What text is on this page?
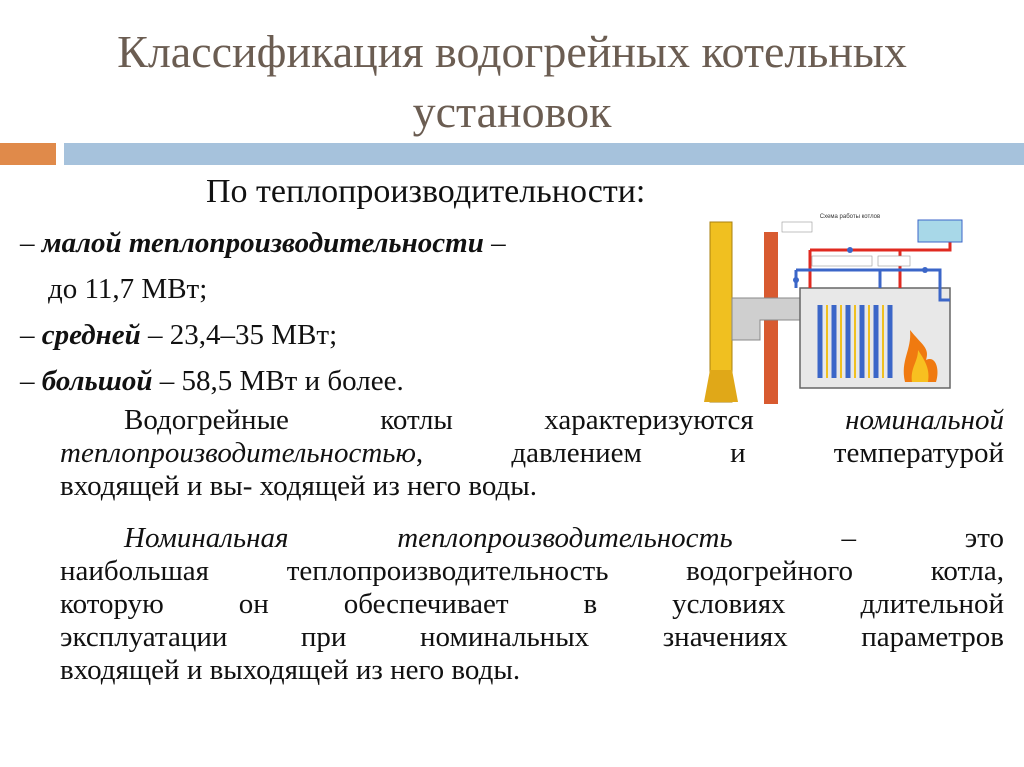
Классификация водогрейных котельных установок
По теплопроизводительности:
– малой теплопроизводительности –
до 11,7 МВт;
– средней – 23,4–35 МВт;
– большой – 58,5 МВт и более.
Схема работы котлов
Водогрейные котлы характеризуются номинальной
теплопроизводительностью, давлением и температурой
входящей и вы- ходящей из него воды.
Номинальная теплопроизводительность – это
наибольшая теплопроизводительность водогрейного котла,
которую он обеспечивает в условиях длительной
эксплуатации при номинальных значениях параметров
входящей и выходящей из него воды.
